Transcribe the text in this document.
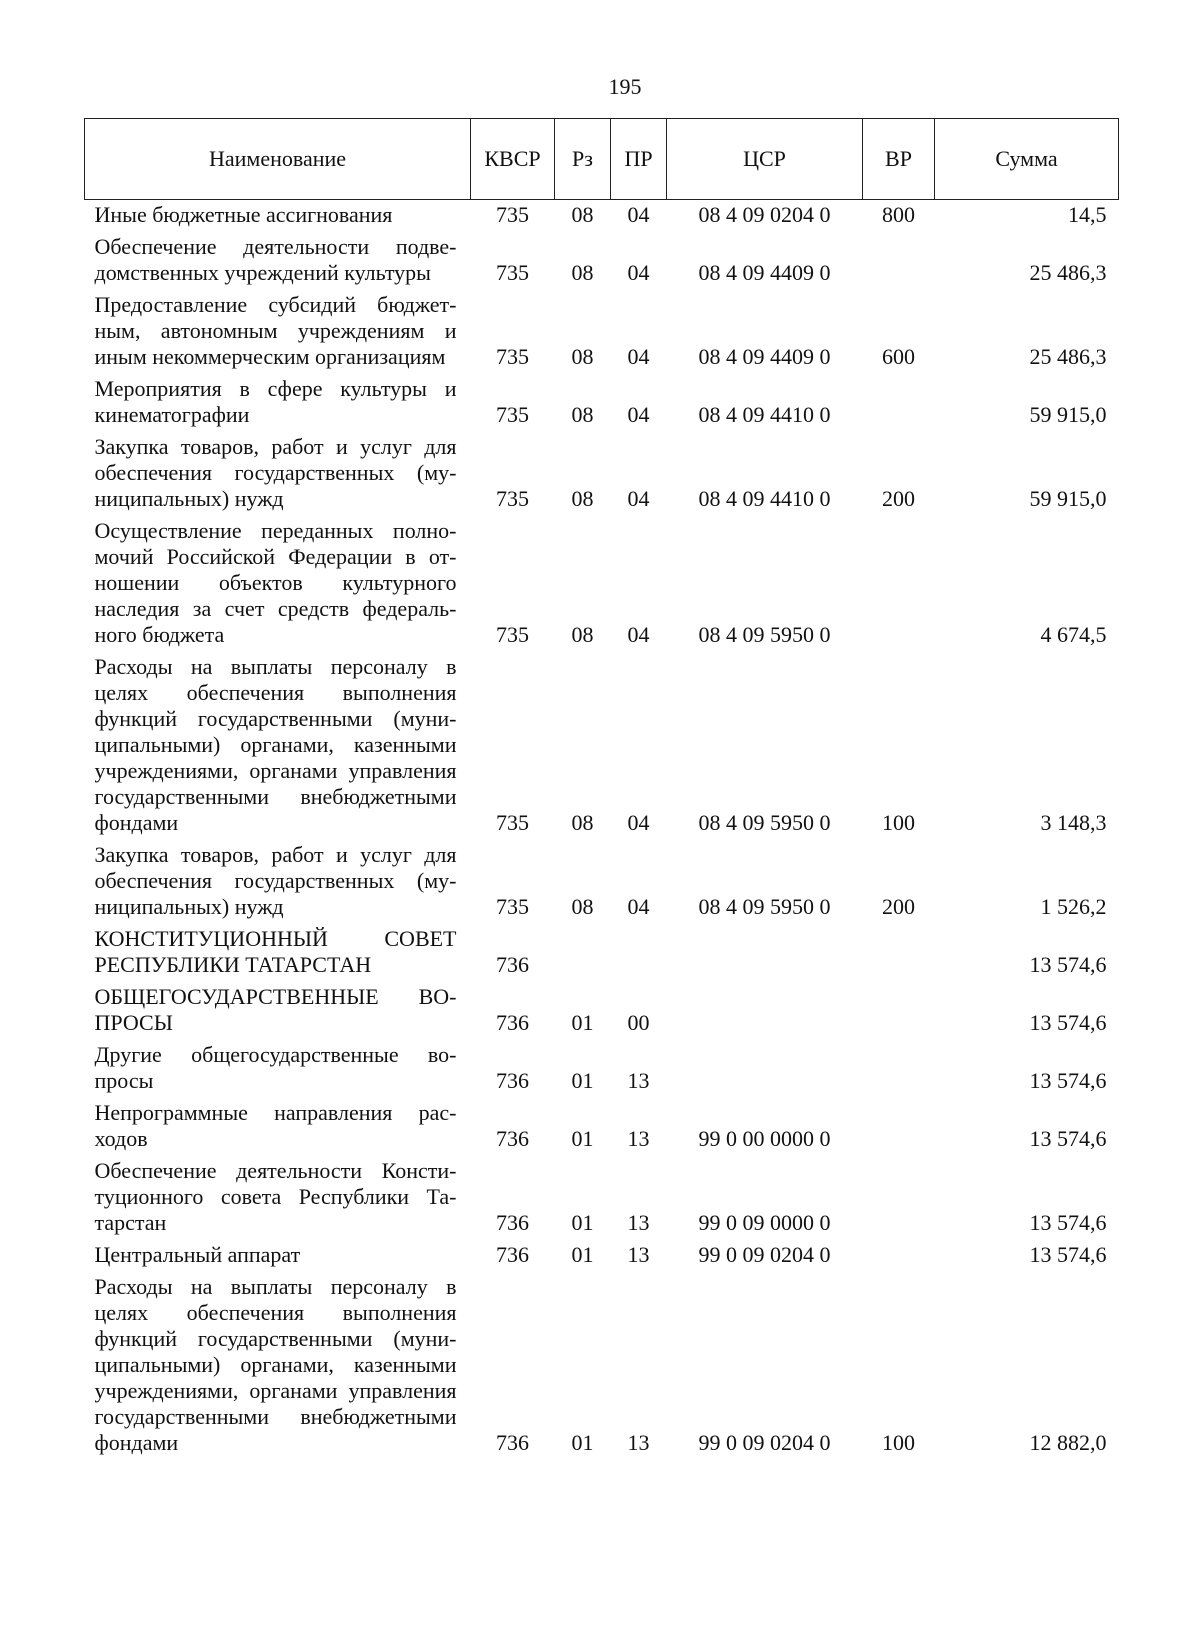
195
Наименование	КВСР	Рз	ПР	ЦСР	ВР	Сумма
Иные бюджетные ассигнования	735	08	04	08 4 09 0204 0	800	14,5
Обеспечение деятельности подведомственных учреждений культуры	735	08	04	08 4 09 4409 0		25 486,3
Предоставление субсидий бюджетным, автономным учреждениям и иным некоммерческим организациям	735	08	04	08 4 09 4409 0	600	25 486,3
Мероприятия в сфере культуры и кинематографии	735	08	04	08 4 09 4410 0		59 915,0
Закупка товаров, работ и услуг для обеспечения государственных (муниципальных) нужд	735	08	04	08 4 09 4410 0	200	59 915,0
Осуществление переданных полномочий Российской Федерации в отношении объектов культурного наследия за счет средств федерального бюджета	735	08	04	08 4 09 5950 0		4 674,5
Расходы на выплаты персоналу в целях обеспечения выполнения функций государственными (муниципальными) органами, казенными учреждениями, органами управления государственными внебюджетными фондами	735	08	04	08 4 09 5950 0	100	3 148,3
Закупка товаров, работ и услуг для обеспечения государственных (муниципальных) нужд	735	08	04	08 4 09 5950 0	200	1 526,2
КОНСТИТУЦИОННЫЙ СОВЕТ РЕСПУБЛИКИ ТАТАРСТАН	736					13 574,6
ОБЩЕГОСУДАРСТВЕННЫЕ ВОПРОСЫ	736	01	00			13 574,6
Другие общегосударственные вопросы	736	01	13			13 574,6
Непрограммные направления расходов	736	01	13	99 0 00 0000 0		13 574,6
Обеспечение деятельности Конституционного совета Республики Татарстан	736	01	13	99 0 09 0000 0		13 574,6
Центральный аппарат	736	01	13	99 0 09 0204 0		13 574,6
Расходы на выплаты персоналу в целях обеспечения выполнения функций государственными (муниципальными) органами, казенными учреждениями, органами управления государственными внебюджетными фондами	736	01	13	99 0 09 0204 0	100	12 882,0
